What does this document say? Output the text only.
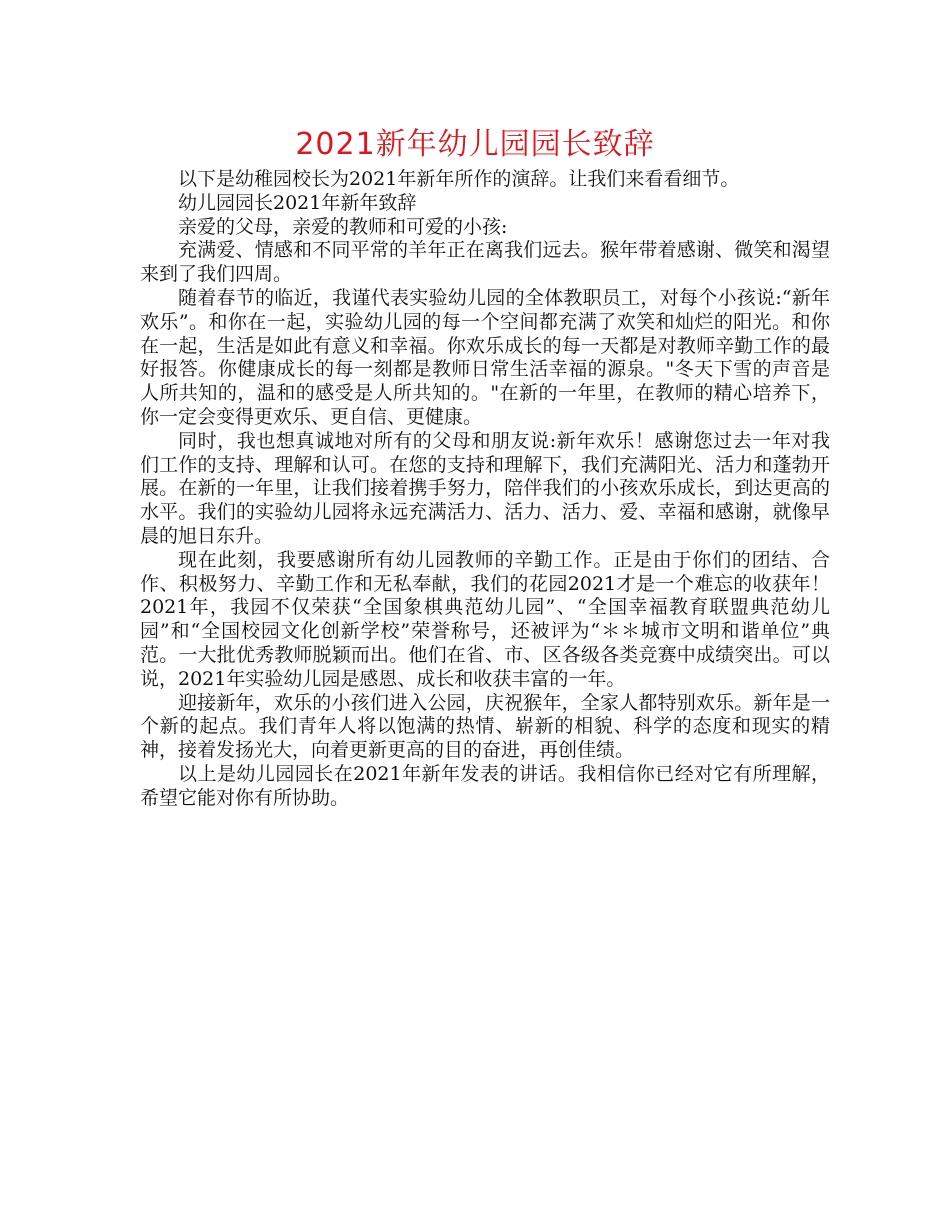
2021新年幼儿园园长致辞

以下是幼稚园校长为2021年新年所作的演辞。让我们来看看细节。

幼儿园园长2021年新年致辞

亲爱的父母，亲爱的教师和可爱的小孩:

充满爱、情感和不同平常的羊年正在离我们远去。猴年带着感谢、微笑和渴望来到了我们四周。

随着春节的临近，我谨代表实验幼儿园的全体教职员工，对每个小孩说:“新年欢乐”。和你在一起，实验幼儿园的每一个空间都充满了欢笑和灿烂的阳光。和你在一起，生活是如此有意义和幸福。你欢乐成长的每一天都是对教师辛勤工作的最好报答。你健康成长的每一刻都是教师日常生活幸福的源泉。"冬天下雪的声音是人所共知的，温和的感受是人所共知的。"在新的一年里，在教师的精心培养下，你一定会变得更欢乐、更自信、更健康。

同时，我也想真诚地对所有的父母和朋友说:新年欢乐！感谢您过去一年对我们工作的支持、理解和认可。在您的支持和理解下，我们充满阳光、活力和蓬勃开展。在新的一年里，让我们接着携手努力，陪伴我们的小孩欢乐成长，到达更高的水平。我们的实验幼儿园将永远充满活力、活力、活力、爱、幸福和感谢，就像早晨的旭日东升。

现在此刻，我要感谢所有幼儿园教师的辛勤工作。正是由于你们的团结、合作、积极努力、辛勤工作和无私奉献，我们的花园2021才是一个难忘的收获年！2021年，我园不仅荣获“全国象棋典范幼儿园”、“全国幸福教育联盟典范幼儿园”和“全国校园文化创新学校”荣誉称号，还被评为“＊＊城市文明和谐单位”典范。一大批优秀教师脱颖而出。他们在省、市、区各级各类竞赛中成绩突出。可以说，2021年实验幼儿园是感恩、成长和收获丰富的一年。

迎接新年，欢乐的小孩们进入公园，庆祝猴年，全家人都特别欢乐。新年是一个新的起点。我们青年人将以饱满的热情、崭新的相貌、科学的态度和现实的精神，接着发扬光大，向着更新更高的目的奋进，再创佳绩。

以上是幼儿园园长在2021年新年发表的讲话。我相信你已经对它有所理解，希望它能对你有所协助。
